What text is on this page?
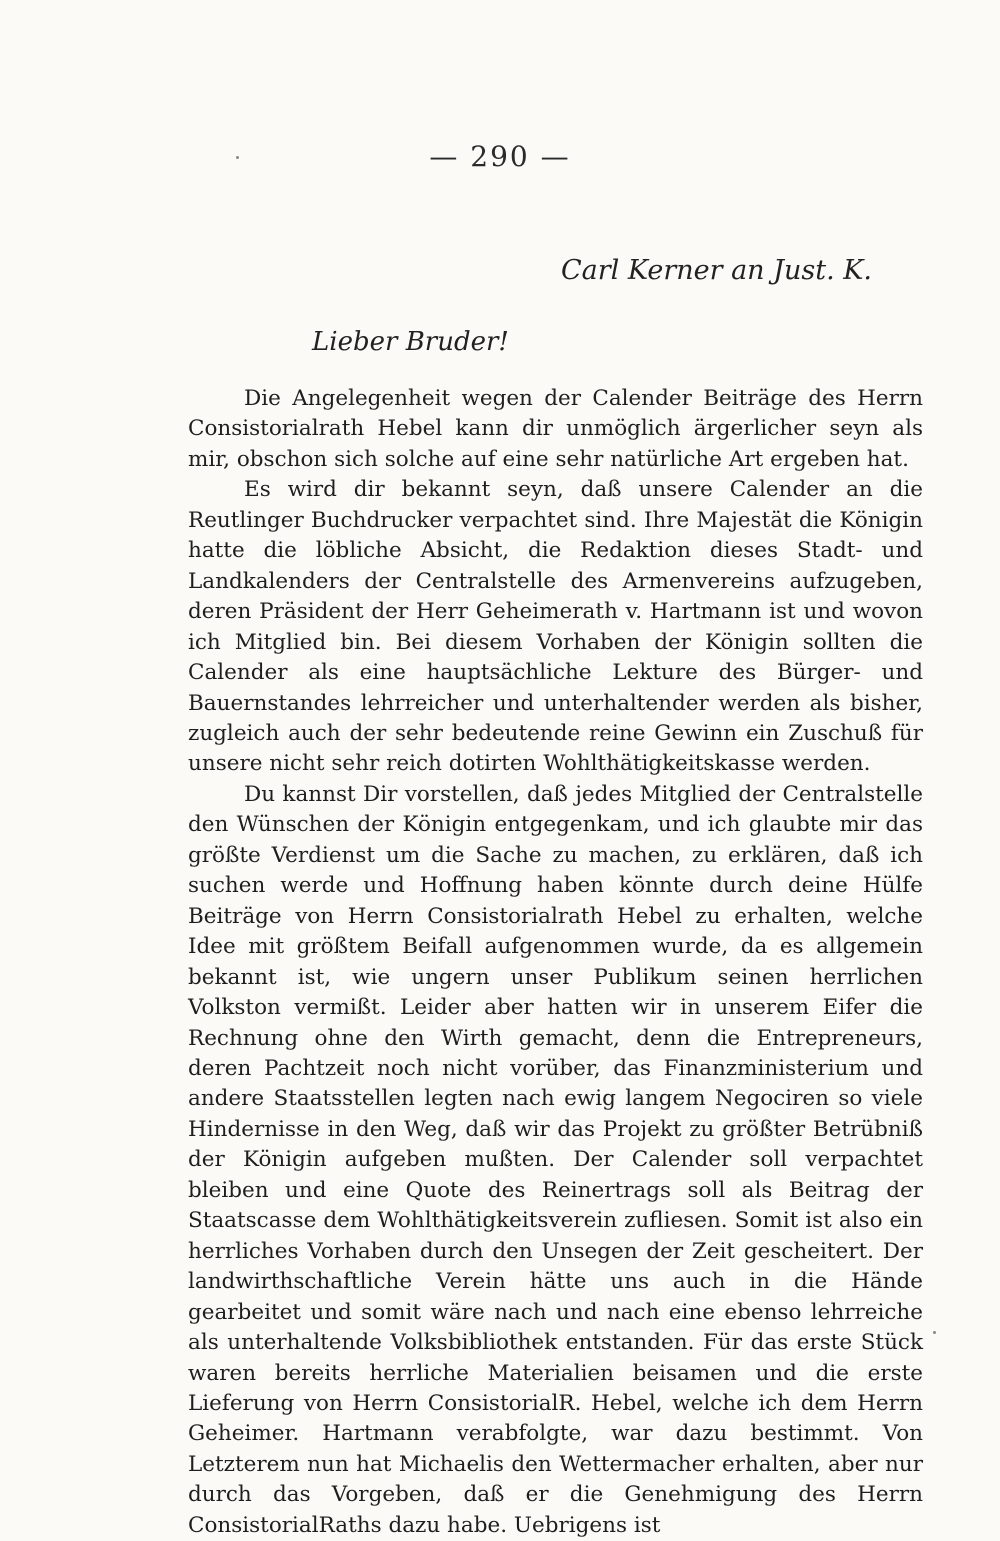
— 290 —
Carl Kerner an Just. K.
Lieber Bruder!

Die Angelegenheit wegen der Calender Beiträge des Herrn Consistorialrath Hebel kann dir unmöglich ärgerlicher seyn als mir, obschon sich solche auf eine sehr natürliche Art ergeben hat.

Es wird dir bekannt seyn, daß unsere Calender an die Reutlinger Buchdrucker verpachtet sind. Ihre Majestät die Königin hatte die löbliche Absicht, die Redaktion dieses Stadt- und Landkalenders der Centralstelle des Armenvereins aufzugeben, deren Präsident der Herr Geheimerath v. Hartmann ist und wovon ich Mitglied bin. Bei diesem Vorhaben der Königin sollten die Calender als eine hauptsächliche Lekture des Bürger- und Bauernstandes lehrreicher und unterhaltender werden als bisher, zugleich auch der sehr bedeutende reine Gewinn ein Zuschuß für unsere nicht sehr reich dotirten Wohlthätigkeitskasse werden.

Du kannst Dir vorstellen, daß jedes Mitglied der Centralstelle den Wünschen der Königin entgegenkam, und ich glaubte mir das größte Verdienst um die Sache zu machen, zu erklären, daß ich suchen werde und Hoffnung haben könnte durch deine Hülfe Beiträge von Herrn Consistorialrath Hebel zu erhalten, welche Idee mit größtem Beifall aufgenommen wurde, da es allgemein bekannt ist, wie ungern unser Publikum seinen herrlichen Volkston vermißt. Leider aber hatten wir in unserem Eifer die Rechnung ohne den Wirth gemacht, denn die Entrepreneurs, deren Pachtzeit noch nicht vorüber, das Finanzministerium und andere Staatsstellen legten nach ewig langem Negociren so viele Hindernisse in den Weg, daß wir das Projekt zu größter Betrübniß der Königin aufgeben mußten. Der Calender soll verpachtet bleiben und eine Quote des Reinertrags soll als Beitrag der Staatscasse dem Wohlthätigkeitsverein zufliesen. Somit ist also ein herrliches Vorhaben durch den Unsegen der Zeit gescheitert. Der landwirthschaftliche Verein hätte uns auch in die Hände gearbeitet und somit wäre nach und nach eine ebenso lehrreiche als unterhaltende Volksbibliothek entstanden. Für das erste Stück waren bereits herrliche Materialien beisamen und die erste Lieferung von Herrn ConsistorialR. Hebel, welche ich dem Herrn Geheimer. Hartmann verabfolgte, war dazu bestimmt. Von Letzterem nun hat Michaelis den Wettermacher erhalten, aber nur durch das Vorgeben, daß er die Genehmigung des Herrn ConsistorialRaths dazu habe. Uebrigens ist
